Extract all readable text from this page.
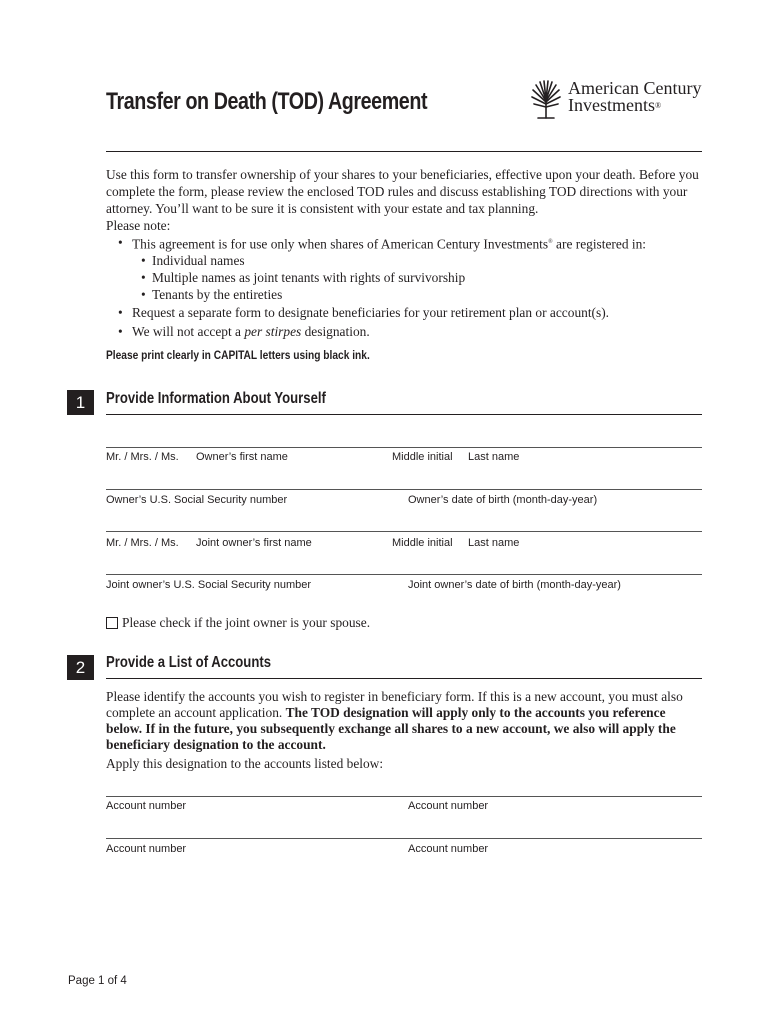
Transfer on Death (TOD) Agreement	American Century
Investments®

Use this form to transfer ownership of your shares to your beneficiaries, effective upon your death. Before you complete the form, please review the enclosed TOD rules and discuss establishing TOD directions with your attorney. You’ll want to be sure it is consistent with your estate and tax planning.

Please note:

• This agreement is for use only when shares of American Century Investments® are registered in:
• Individual names
• Multiple names as joint tenants with rights of survivorship
• Tenants by the entireties
• Request a separate form to designate beneficiaries for your retirement plan or account(s).
• We will not accept a per stirpes designation.
Please print clearly in CAPITAL letters using black ink.
1	Provide Information About Yourself
Mr. / Mrs. / Ms. Owner’s first name	Middle initial Last name
Owner’s U.S. Social Security number	Owner’s date of birth (month-day-year)
Mr. / Mrs. / Ms. Joint owner’s first name	Middle initial Last name
Joint owner’s U.S. Social Security number	Joint owner’s date of birth (month-day-year)
Please check if the joint owner is your spouse.
2	Provide a List of Accounts

Please identify the accounts you wish to register in beneficiary form. If this is a new account, you must also complete an account application. The TOD designation will apply only to the accounts you reference below. If in the future, you subsequently exchange all shares to a new account, we also will apply the beneficiary designation to the account.

Apply this designation to the accounts listed below:

Account number	Account number
Account number	Account number
Page 1 of 4
